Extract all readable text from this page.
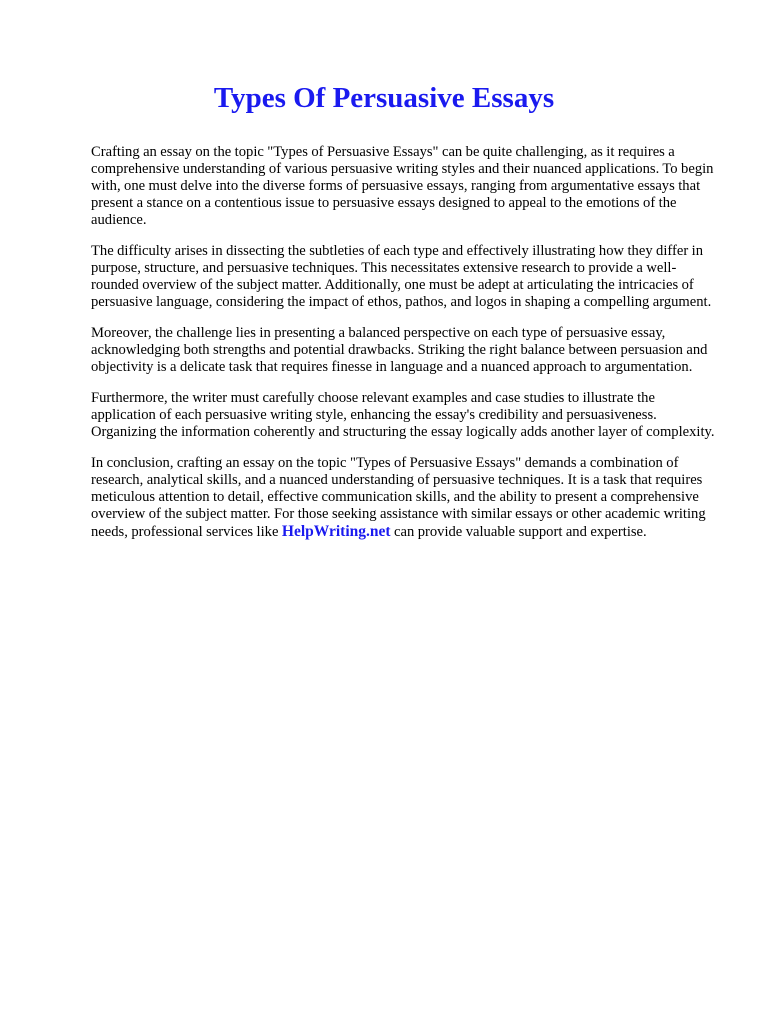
Types Of Persuasive Essays

Crafting an essay on the topic "Types of Persuasive Essays" can be quite challenging, as it requires a comprehensive understanding of various persuasive writing styles and their nuanced applications. To begin with, one must delve into the diverse forms of persuasive essays, ranging from argumentative essays that present a stance on a contentious issue to persuasive essays designed to appeal to the emotions of the audience.

The difficulty arises in dissecting the subtleties of each type and effectively illustrating how they differ in purpose, structure, and persuasive techniques. This necessitates extensive research to provide a well-rounded overview of the subject matter. Additionally, one must be adept at articulating the intricacies of persuasive language, considering the impact of ethos, pathos, and logos in shaping a compelling argument.

Moreover, the challenge lies in presenting a balanced perspective on each type of persuasive essay, acknowledging both strengths and potential drawbacks. Striking the right balance between persuasion and objectivity is a delicate task that requires finesse in language and a nuanced approach to argumentation.

Furthermore, the writer must carefully choose relevant examples and case studies to illustrate the application of each persuasive writing style, enhancing the essay's credibility and persuasiveness. Organizing the information coherently and structuring the essay logically adds another layer of complexity.

In conclusion, crafting an essay on the topic "Types of Persuasive Essays" demands a combination of research, analytical skills, and a nuanced understanding of persuasive techniques. It is a task that requires meticulous attention to detail, effective communication skills, and the ability to present a comprehensive overview of the subject matter. For those seeking assistance with similar essays or other academic writing needs, professional services like HelpWriting.net can provide valuable support and expertise.
